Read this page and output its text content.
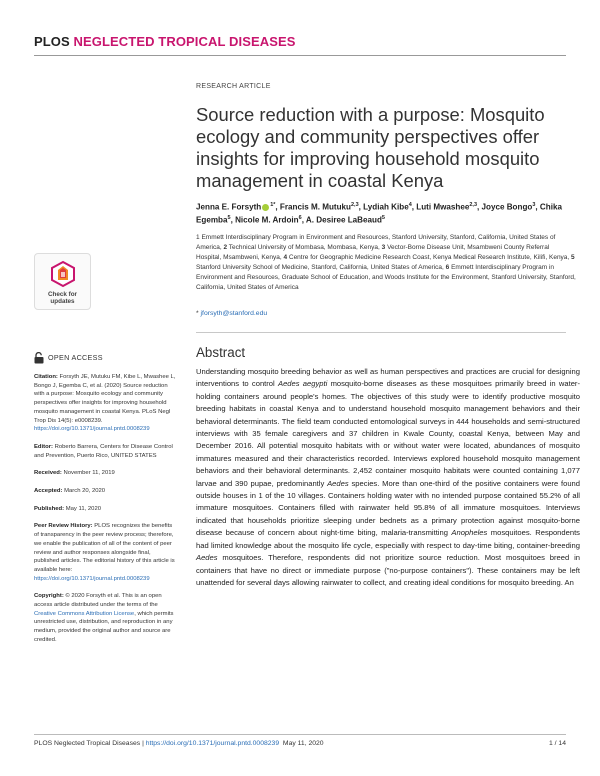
PLOS NEGLECTED TROPICAL DISEASES
RESEARCH ARTICLE
Source reduction with a purpose: Mosquito ecology and community perspectives offer insights for improving household mosquito management in coastal Kenya
Jenna E. Forsyth $^{1*}$, Francis M. Mutuku$^{2,3}$, Lydiah Kibe$^4$, Luti Mwashee$^{2,3}$, Joyce Bongo$^3$, Chika Egemba$^5$, Nicole M. Ardoin$^6$, A. Desiree LaBeaud$^5$
1 Emmett Interdisciplinary Program in Environment and Resources, Stanford University, Stanford, California, United States of America, 2 Technical University of Mombasa, Mombasa, Kenya, 3 Vector-Borne Disease Unit, Msambweni County Referral Hospital, Msambweni, Kenya, 4 Centre for Geographic Medicine Research Coast, Kenya Medical Research Institute, Kilifi, Kenya, 5 Stanford University School of Medicine, Stanford, California, United States of America, 6 Emmett Interdisciplinary Program in Environment and Resources, Graduate School of Education, and Woods Institute for the Environment, Stanford University, Stanford, California, United States of America
* jforsyth@stanford.edu
Check for
updates
Abstract

Understanding mosquito breeding behavior as well as human perspectives and practices are crucial for designing interventions to control Aedes aegypti mosquito-borne diseases as these mosquitoes primarily breed in water-holding containers around people's homes. The objectives of this study were to identify productive mosquito breeding habitats in coastal Kenya and to understand household mosquito management behaviors and their behavioral determinants. The field team conducted entomological surveys in 444 households and semi-structured interviews with 35 female caregivers and 37 children in Kwale County, coastal Kenya, between May and December 2016. All potential mosquito habitats with or without water were located, abundances of mosquito immatures measured and their characteristics recorded. Interviews explored household mosquito management behaviors and their behavioral determinants. 2,452 container mosquito habitats were counted containing 1,077 larvae and 390 pupae, predominantly Aedes species. More than one-third of the positive containers were found outside houses in 1 of the 10 villages. Containers holding water with no intended purpose contained 55.2% of all immature mosquitoes. Containers filled with rainwater held 95.8% of all immature mosquitoes. Interviews indicated that households prioritize sleeping under bednets as a primary protection against mosquito-borne disease because of concern about night-time biting, malaria-transmitting Anopheles mosquitoes. Respondents had limited knowledge about the mosquito life cycle, especially with respect to day-time biting, container-breeding Aedes mosquitoes. Therefore, respondents did not prioritize source reduction. Most mosquitoes breed in containers that have no direct or immediate purpose ("no-purpose containers"). These containers may be left unattended for several days allowing rainwater to collect, and creating ideal conditions for mosquito breeding. An

OPEN ACCESS
Citation: Forsyth JE, Mutuku FM, Kibe L, Mwashee L, Bongo J, Egemba C, et al. (2020) Source reduction with a purpose: Mosquito ecology and community perspectives offer insights for improving household mosquito management in coastal Kenya. PLoS Negl Trop Dis 14(5): e0008239. https://doi.org/10.1371/journal.pntd.0008239
Editor: Roberto Barrera, Centers for Disease Control and Prevention, Puerto Rico, UNITED STATES
Received: November 11, 2019
Accepted: March 20, 2020
Published: May 11, 2020
Peer Review History: PLOS recognizes the benefits of transparency in the peer review process; therefore, we enable the publication of all of the content of peer review and author responses alongside final, published articles. The editorial history of this article is available here: https://doi.org/10.1371/journal.pntd.0008239
Copyright: © 2020 Forsyth et al. This is an open access article distributed under the terms of the Creative Commons Attribution License, which permits unrestricted use, distribution, and reproduction in any medium, provided the original author and source are credited.
PLOS Neglected Tropical Diseases | https://doi.org/10.1371/journal.pntd.0008239 May 11, 2020	1 / 14
